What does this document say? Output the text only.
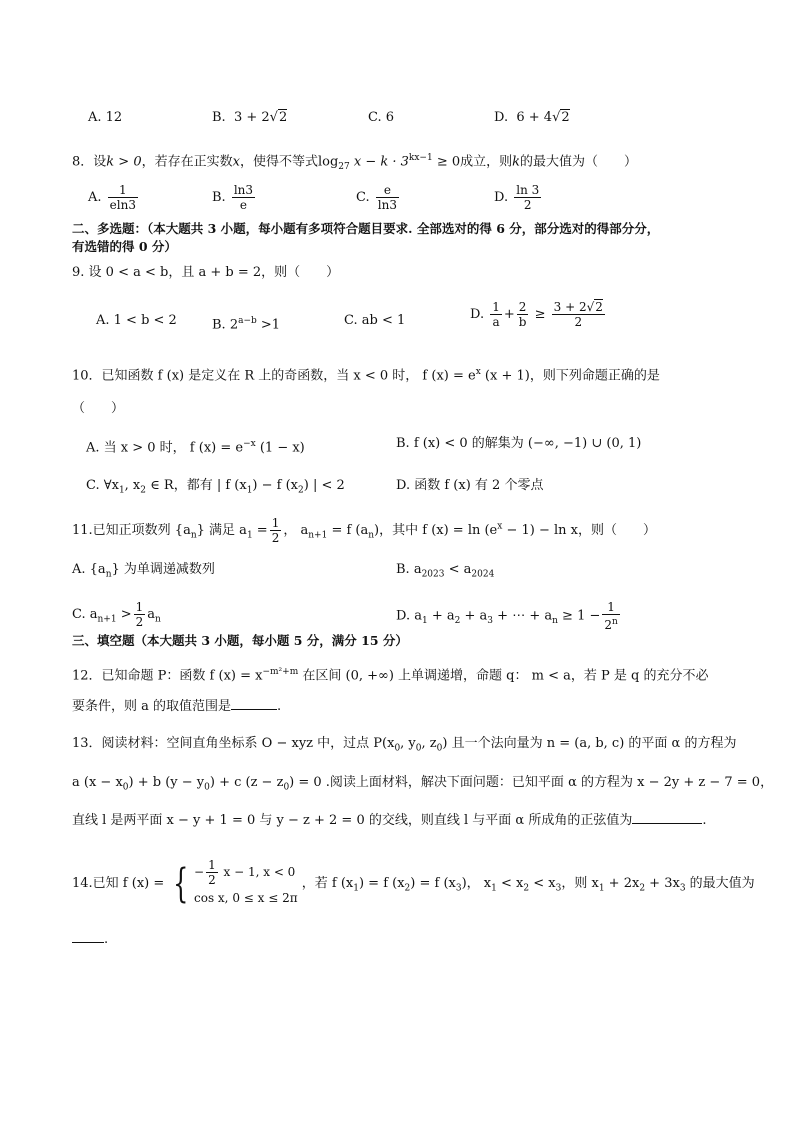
A. 12	B. 3 + 2√2	C. 6	D. 6 + 4√2
8．设k > 0，若存在正实数x，使得不等式$\log_{27} x - k \cdot 3^{kx-1} \ge 0$成立，则k的最大值为（　　）
A. $\frac{1}{eln3}$	B. $\frac{\ln 3}{e}$	C. $\frac{e}{\ln 3}$	D. $\frac{\ln 3}{2}$
二、多选题：（本大题共 3 小题，每小题有多项符合题目要求. 全部选对的得 6 分，部分选对的得部分分，
有选错的得 0 分）
9. 设 0 < a < b，且 a + b = 2，则（　　）
A. 1 < b < 2	B. $2^{a-b} >1$	C. ab < 1	D. $\frac{1}{a} + \frac{2}{b} \ge \frac{3 + 2√2}{2}$
10．已知函数 f (x) 是定义在 R 上的奇函数，当 x < 0 时， f $(x) = e^x$ (x + 1)，则下列命题正确的是
（　　）
A. 当 x > 0 时， f $(x) = e^{-x}$ (1 − x)	B. f (x) < 0 的解集为 (−∞, −1) ∪ (0, 1)
C. $\forall x_1$, $x_2$ ∈ R，都有 | f $(x_1) - f$ $(x_2)$ | < 2	D. 函数 f (x) 有 2 个零点
11.已知正项数列 $\{a_n\}$ 满足 $a_1 = \frac{1}{2}$ ， $a_{n+1} = f$ $(a_n)$，其中 f $(x) = \ln (e^x - 1) - \ln x$，则（　　）
A. $\{a_n\}$ 为单调递减数列	B. $a_{2023} < a_{2024}$
C. $a_{n+1} > \frac{1}{2} a_n$	D. $a_1 + a_2 + a_3$ + ⋯ + $a_n \ge 1 - \frac{1}{2^n}$
三、填空题（本大题共 3 小题，每小题 5 分，满分 15 分）
12．已知命题 P：函数 f $(x) = x^{-m^2+m}$ 在区间 (0, +∞) 上单调递增，命题 q： m < a，若 P 是 q 的充分不必
要条件，则 a 的取值范围是	.
13．阅读材料：空间直角坐标系 O − xyz 中，过点 $P(x_0$, $y_0$, $z_0$) 且一个法向量为 n = (a, b, c) 的平面 α 的方程为
a $(x - x_0) + b$ $(y - y_0) + c$ $(z - z_0) = 0$ .阅读上面材料，解决下面问题：已知平面 α 的方程为 x − 2y + z − 7 = 0，
直线 l 是两平面 x − y + 1 = 0 与 y − z + 2 = 0 的交线，则直线 l 与平面 α 所成角的正弦值为	.
14.已知 f (x) = { − $\frac{1}{2}$ x − 1, x < 0
cos x, 0 ≤ x ≤ 2π
，若 f $(x_1) = f$ $(x_2) = f$ $(x_3)$， $x_1 < x_2 < x_3$，则 $x_1 + 2x_2 + 3x_3$ 的最大值为
.
